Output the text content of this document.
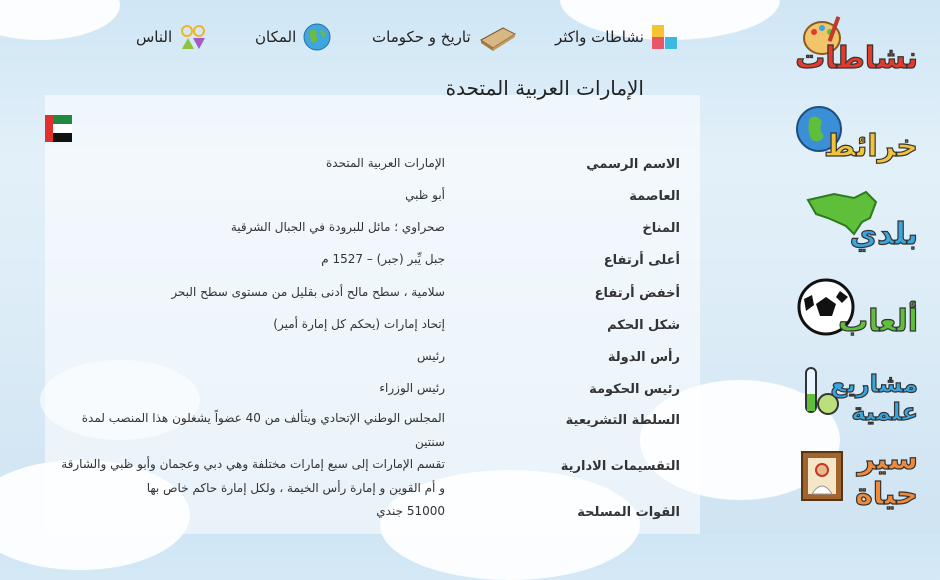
نشاطات واكثر
تاريخ و حكومات
المكان
الناس
الإمارات العربية المتحدة
الاسم الرسمي
الإمارات العربية المتحدة
العاصمة
أبو ظبي
المناخ
صحراوي ؛ مائل للبرودة في الجبال الشرقية
أعلى أرتفاع
جبل يِّبر (جبر) – 1527 م
أخفض أرتفاع
سلامية ، سطح مالح أدنى بقليل من مستوى سطح البحر
شكل الحكم
إتحاد إمارات (يحكم كل إمارة أمير)
رأس الدولة
رئيس
رئيس الحكومة
رئيس الوزراء
السلطة التشريعية
المجلس الوطني الإتحادي ويتألف من 40 عضواً يشغلون هذا المنصب لمدة سنتين
التقسيمات الادارية
تقسم الإمارات إلى سبع إمارات مختلفة وهي دبي وعجمان وأبو ظبي والشارقة و أم القوين و إمارة رأس الخيمة ، ولكل إمارة حاكم خاص بها
القوات المسلحة
51000 جندي
نشاطات
خرائط
بلدي
ألعاب
مشاريع علمية
سير حياة
